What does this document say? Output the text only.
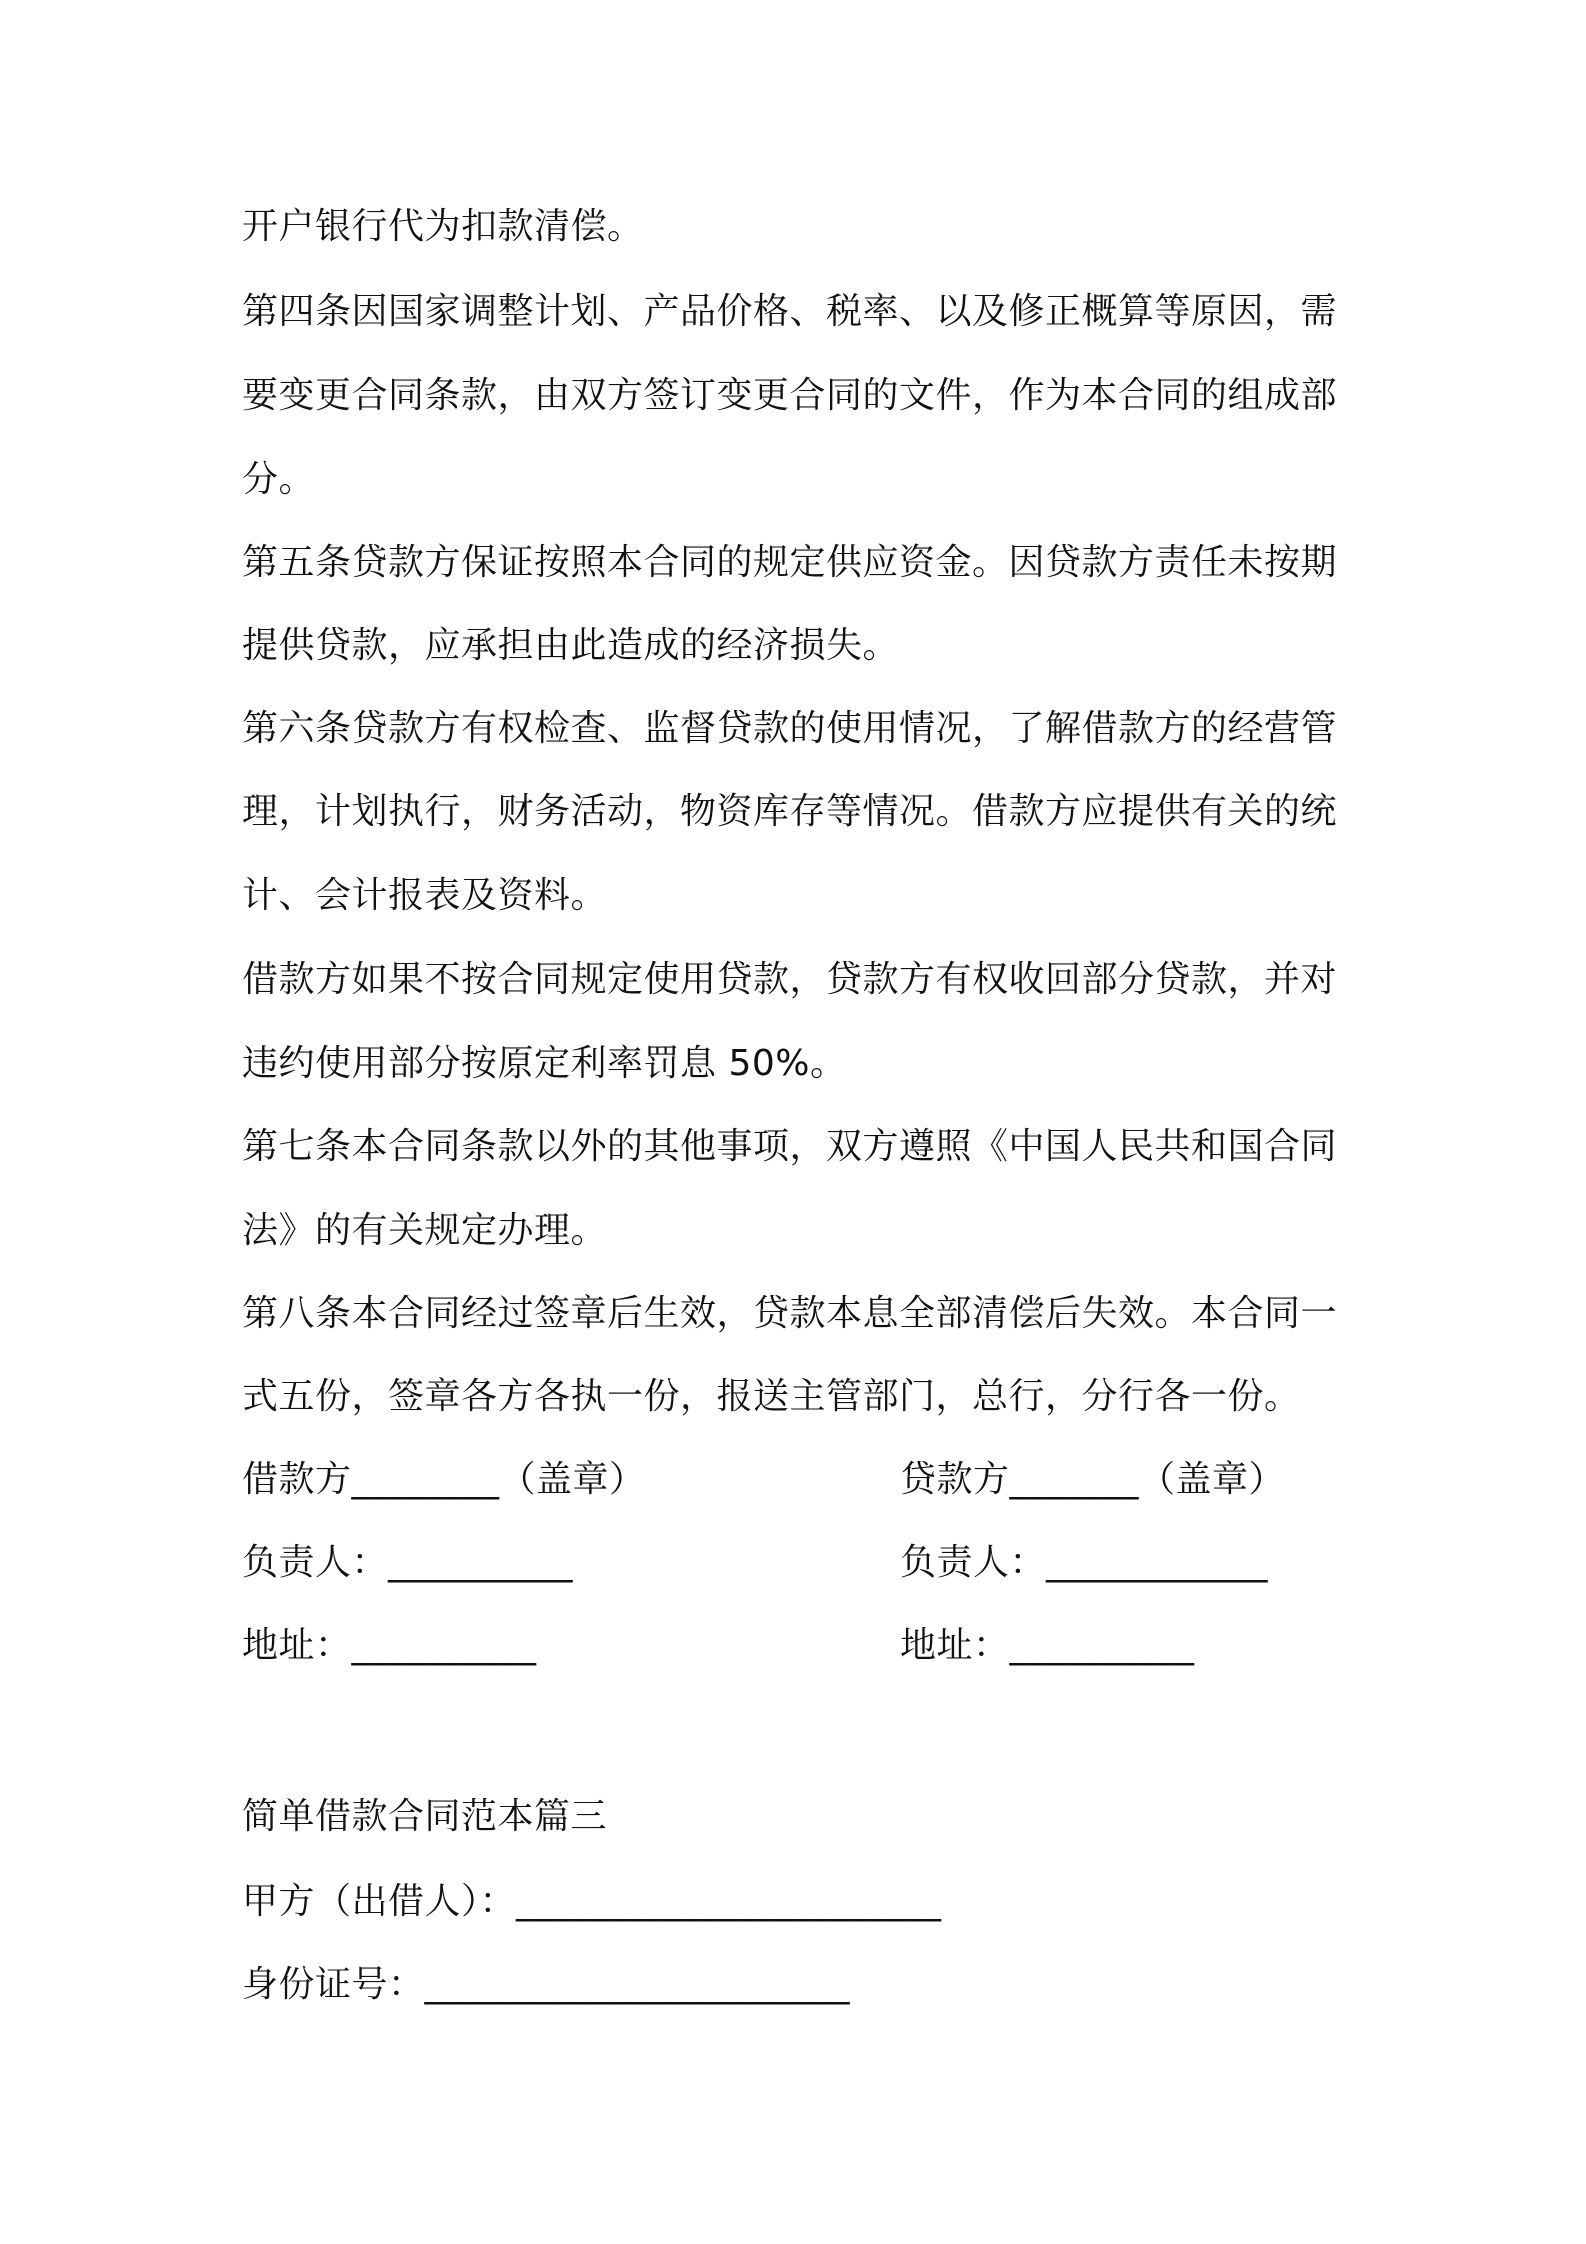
开户银行代为扣款清偿。
第四条因国家调整计划、产品价格、税率、以及修正概算等原因，需
要变更合同条款，由双方签订变更合同的文件，作为本合同的组成部
分。
第五条贷款方保证按照本合同的规定供应资金。因贷款方责任未按期
提供贷款，应承担由此造成的经济损失。
第六条贷款方有权检查、监督贷款的使用情况，了解借款方的经营管
理，计划执行，财务活动，物资库存等情况。借款方应提供有关的统
计、会计报表及资料。
借款方如果不按合同规定使用贷款，贷款方有权收回部分贷款，并对
违约使用部分按原定利率罚息 50%。
第七条本合同条款以外的其他事项，双方遵照《中国人民共和国合同
法》的有关规定办理。
第八条本合同经过签章后生效，贷款本息全部清偿后失效。本合同一
式五份，签章各方各执一份，报送主管部门，总行，分行各一份。
借款方________（盖章）	贷款方_______（盖章）
负责人：__________	负责人：____________
地址：__________	地址：__________
简单借款合同范本篇三
甲方（出借人）：_______________________
身份证号：_______________________
